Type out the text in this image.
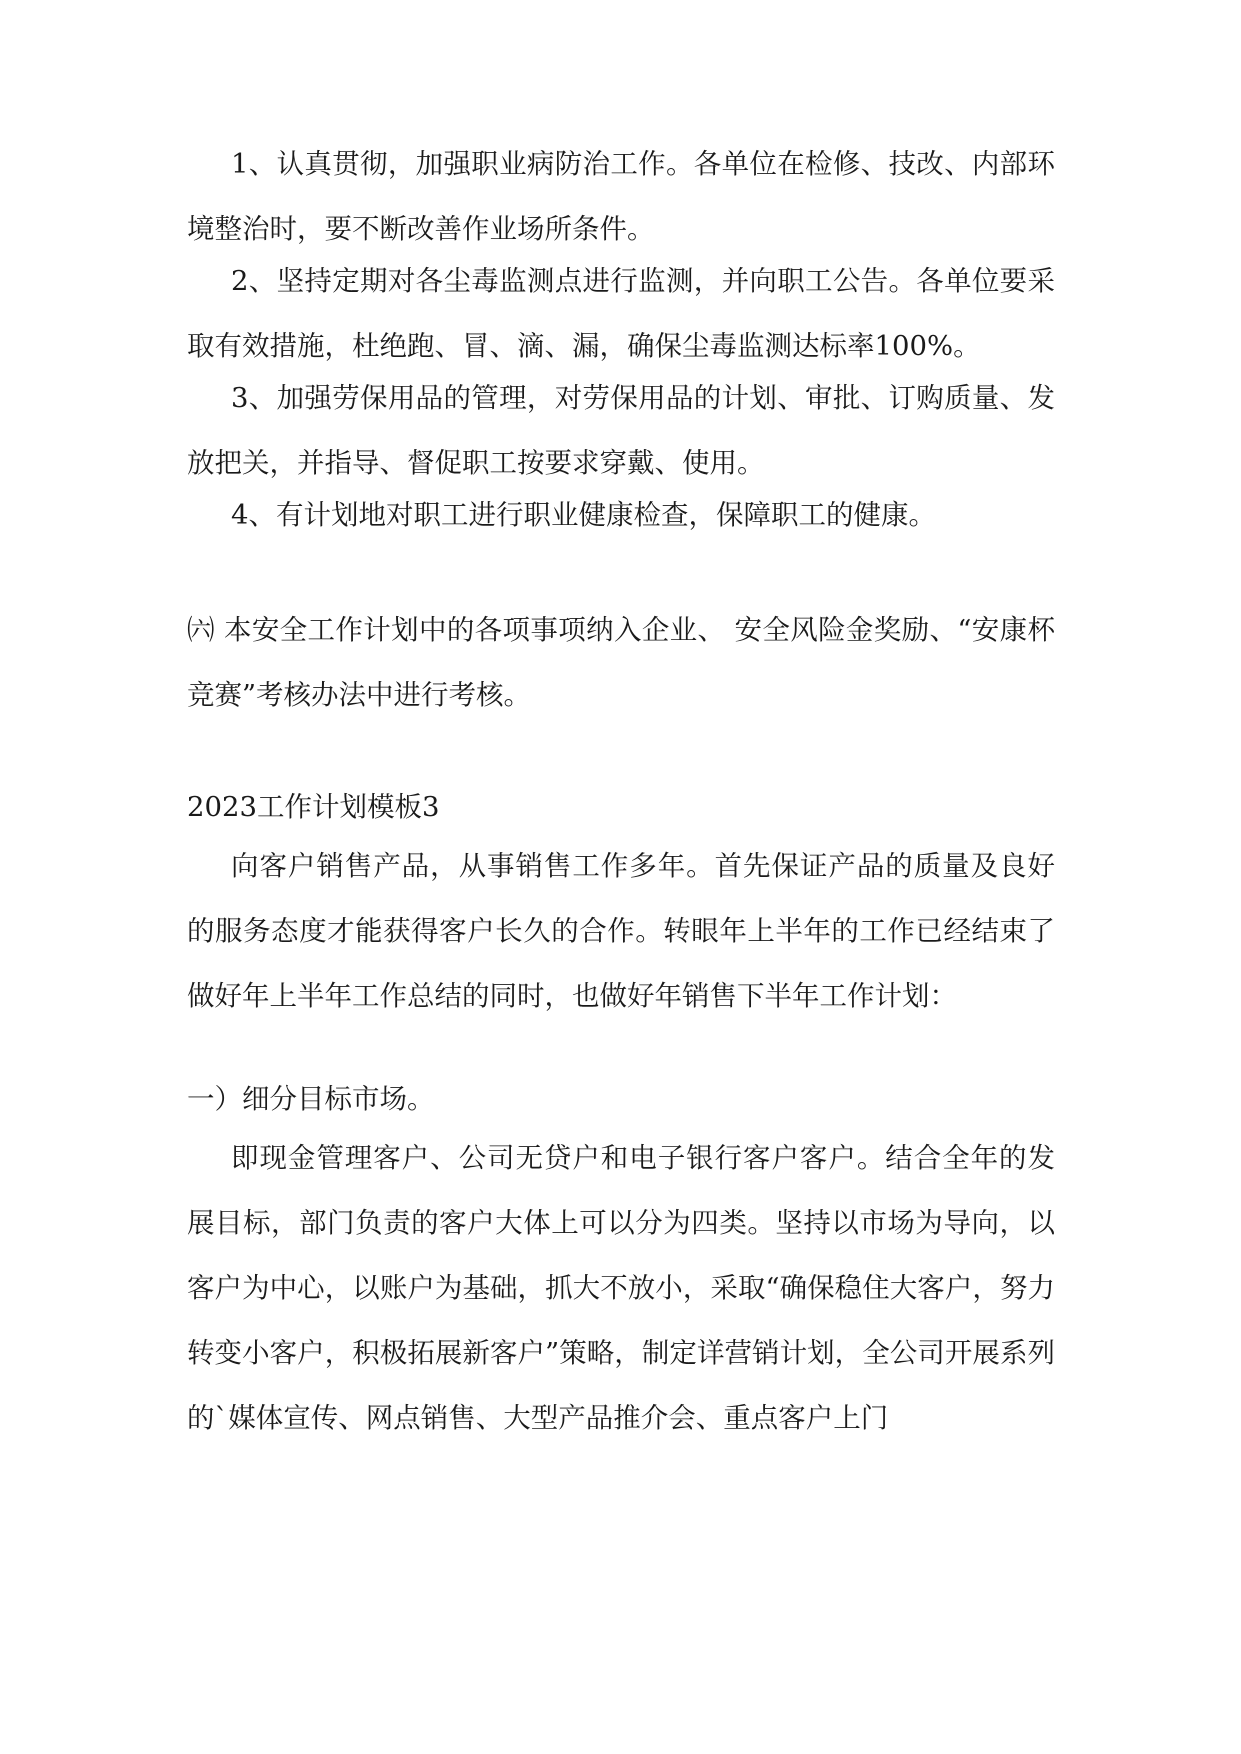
1、认真贯彻，加强职业病防治工作。各单位在检修、技改、内部环境整治时，要不断改善作业场所条件。

2、坚持定期对各尘毒监测点进行监测，并向职工公告。各单位要采取有效措施，杜绝跑、冒、滴、漏，确保尘毒监测达标率100%。

3、加强劳保用品的管理，对劳保用品的计划、审批、订购质量、发放把关，并指导、督促职工按要求穿戴、使用。

4、有计划地对职工进行职业健康检查，保障职工的健康。

㈥ 本安全工作计划中的各项事项纳入企业、 安全风险金奖励、“安康杯竞赛”考核办法中进行考核。

2023工作计划模板3

向客户销售产品，从事销售工作多年。首先保证产品的质量及良好的服务态度才能获得客户长久的合作。转眼年上半年的工作已经结束了做好年上半年工作总结的同时，也做好年销售下半年工作计划：

一）细分目标市场。

即现金管理客户、公司无贷户和电子银行客户客户。结合全年的发展目标，部门负责的客户大体上可以分为四类。坚持以市场为导向，以客户为中心，以账户为基础，抓大不放小，采取“确保稳住大客户，努力转变小客户，积极拓展新客户”策略，制定详营销计划，全公司开展系列的`媒体宣传、网点销售、大型产品推介会、重点客户上门
